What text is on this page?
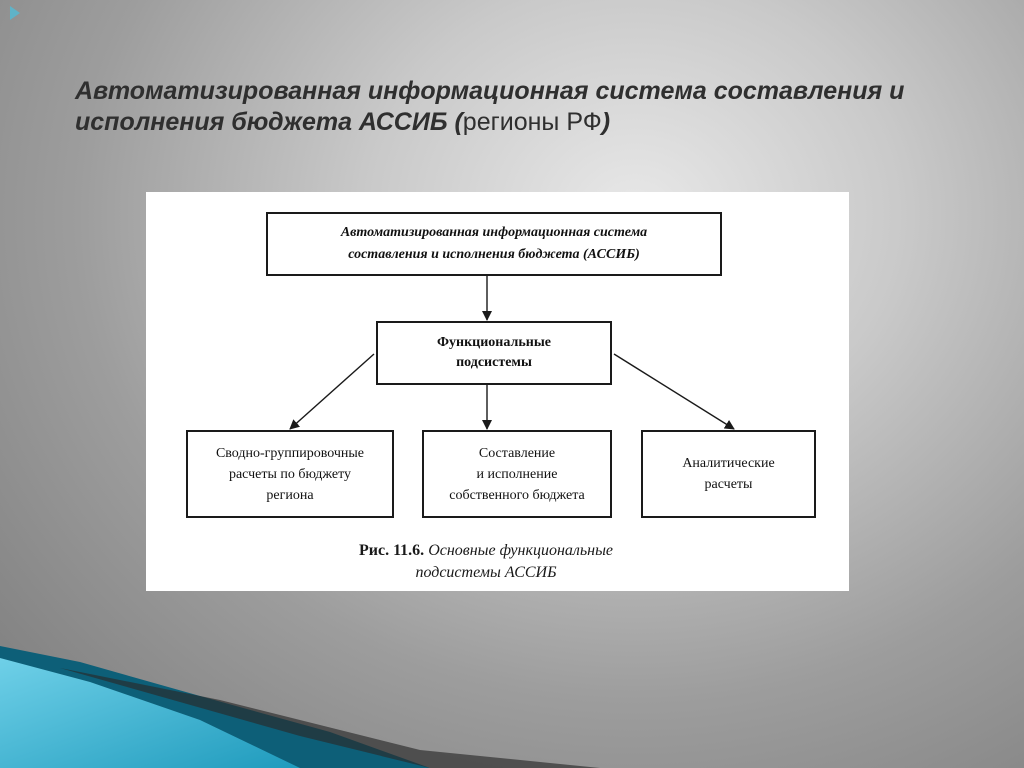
Автоматизированная информационная система составления и
исполнения бюджета АССИБ (регионы РФ)
Автоматизированная информационная система
составления и исполнения бюджета (АССИБ)
Функциональные
подсистемы
Сводно-группировочные
расчеты по бюджету
региона
Составление
и исполнение
собственного бюджета
Аналитические
расчеты
Рис. 11.6. Основные функциональные
подсистемы АССИБ
